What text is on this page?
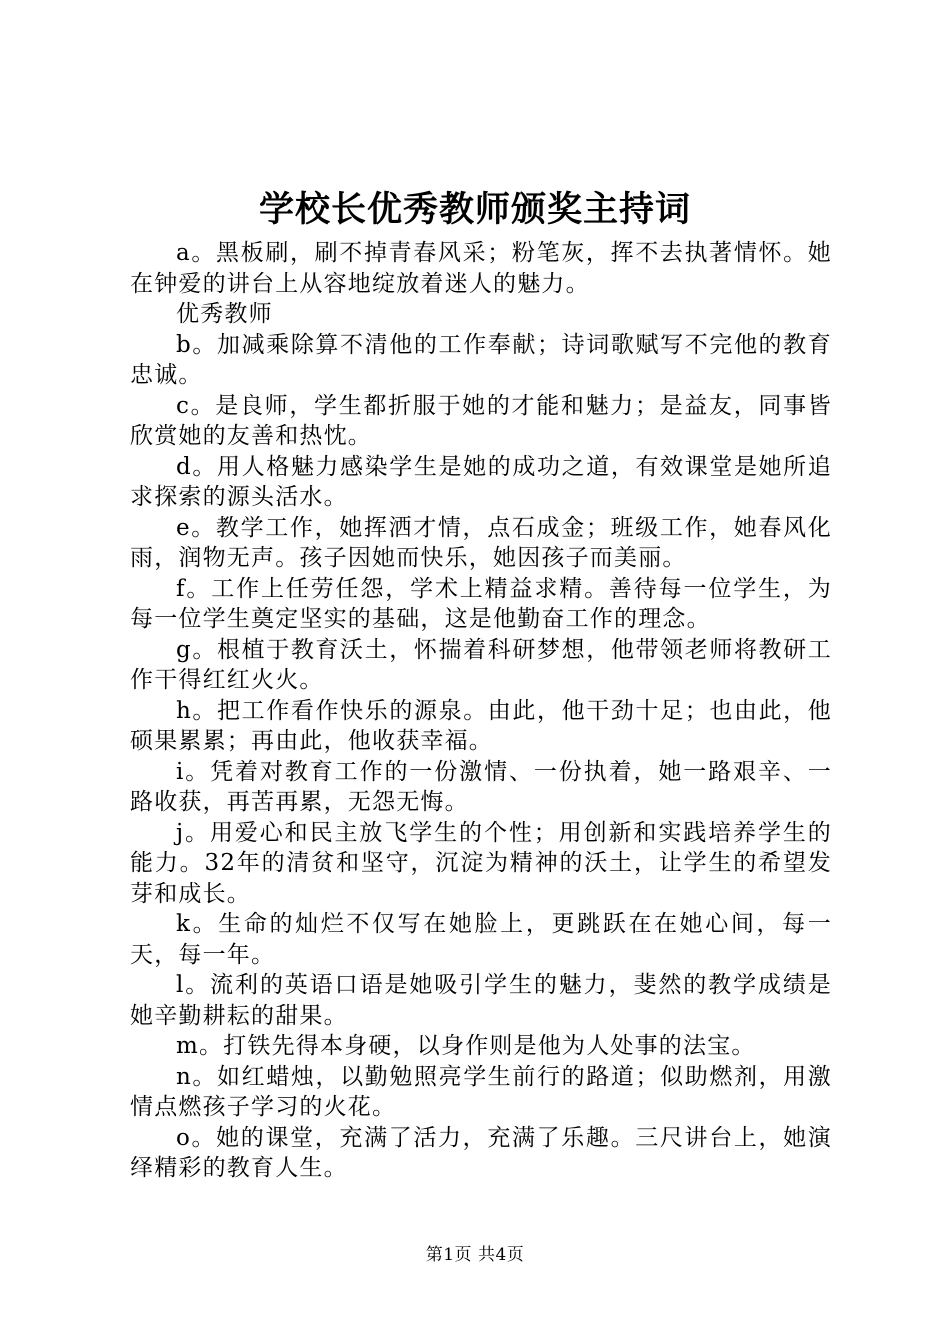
学校长优秀教师颁奖主持词

a。黑板刷，刷不掉青春风采；粉笔灰，挥不去执著情怀。她在钟爱的讲台上从容地绽放着迷人的魅力。

优秀教师

b。加减乘除算不清他的工作奉献；诗词歌赋写不完他的教育忠诚。

c。是良师，学生都折服于她的才能和魅力；是益友，同事皆欣赏她的友善和热忱。

d。用人格魅力感染学生是她的成功之道，有效课堂是她所追求探索的源头活水。

e。教学工作，她挥洒才情，点石成金；班级工作，她春风化雨，润物无声。孩子因她而快乐，她因孩子而美丽。

f。工作上任劳任怨，学术上精益求精。善待每一位学生，为每一位学生奠定坚实的基础，这是他勤奋工作的理念。

g。根植于教育沃土，怀揣着科研梦想，他带领老师将教研工作干得红红火火。

h。把工作看作快乐的源泉。由此，他干劲十足；也由此，他硕果累累；再由此，他收获幸福。

i。凭着对教育工作的一份激情、一份执着，她一路艰辛、一路收获，再苦再累，无怨无悔。

j。用爱心和民主放飞学生的个性；用创新和实践培养学生的能力。32年的清贫和坚守，沉淀为精神的沃土，让学生的希望发芽和成长。

k。生命的灿烂不仅写在她脸上，更跳跃在在她心间，每一天，每一年。

l。流利的英语口语是她吸引学生的魅力，斐然的教学成绩是她辛勤耕耘的甜果。

m。打铁先得本身硬，以身作则是他为人处事的法宝。

n。如红蜡烛，以勤勉照亮学生前行的路道；似助燃剂，用激情点燃孩子学习的火花。

o。她的课堂，充满了活力，充满了乐趣。三尺讲台上，她演绎精彩的教育人生。

第1页 共4页
